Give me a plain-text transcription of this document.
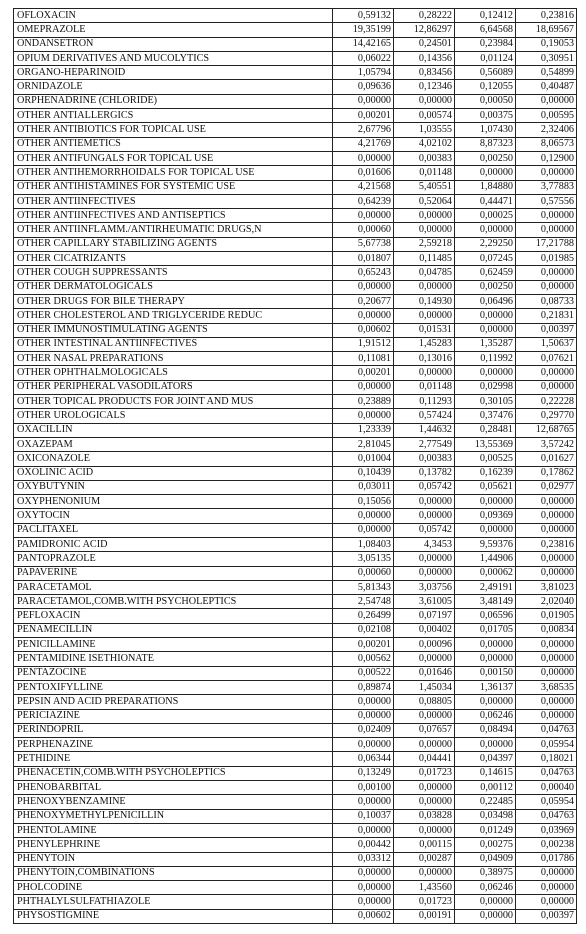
OFLOXACIN	0,59132	0,28222	0,12412	0,23816
OMEPRAZOLE	19,35199	12,86297	6,64568	18,69567
ONDANSETRON	14,42165	0,24501	0,23984	0,19053
OPIUM DERIVATIVES AND MUCOLYTICS	0,06022	0,14356	0,01124	0,30951
ORGANO-HEPARINOID	1,05794	0,83456	0,56089	0,54899
ORNIDAZOLE	0,09636	0,12346	0,12055	0,40487
ORPHENADRINE (CHLORIDE)	0,00000	0,00000	0,00050	0,00000
OTHER ANTIALLERGICS	0,00201	0,00574	0,00375	0,00595
OTHER ANTIBIOTICS FOR TOPICAL USE	2,67796	1,03555	1,07430	2,32406
OTHER ANTIEMETICS	4,21769	4,02102	8,87323	8,06573
OTHER ANTIFUNGALS FOR TOPICAL USE	0,00000	0,00383	0,00250	0,12900
OTHER ANTIHEMORRHOIDALS FOR TOPICAL USE	0,01606	0,01148	0,00000	0,00000
OTHER ANTIHISTAMINES FOR SYSTEMIC USE	4,21568	5,40551	1,84880	3,77883
OTHER ANTIINFECTIVES	0,64239	0,52064	0,44471	0,57556
OTHER ANTIINFECTIVES AND ANTISEPTICS	0,00000	0,00000	0,00025	0,00000
OTHER ANTIINFLAMM./ANTIRHEUMATIC DRUGS,N	0,00060	0,00000	0,00000	0,00000
OTHER CAPILLARY STABILIZING AGENTS	5,67738	2,59218	2,29250	17,21788
OTHER CICATRIZANTS	0,01807	0,11485	0,07245	0,01985
OTHER COUGH SUPPRESSANTS	0,65243	0,04785	0,62459	0,00000
OTHER DERMATOLOGICALS	0,00000	0,00000	0,00250	0,00000
OTHER DRUGS FOR BILE THERAPY	0,20677	0,14930	0,06496	0,08733
OTHER CHOLESTEROL AND TRIGLYCERIDE REDUC	0,00000	0,00000	0,00000	0,21831
OTHER IMMUNOSTIMULATING AGENTS	0,00602	0,01531	0,00000	0,00397
OTHER INTESTINAL ANTIINFECTIVES	1,91512	1,45283	1,35287	1,50637
OTHER NASAL PREPARATIONS	0,11081	0,13016	0,11992	0,07621
OTHER OPHTHALMOLOGICALS	0,00201	0,00000	0,00000	0,00000
OTHER PERIPHERAL VASODILATORS	0,00000	0,01148	0,02998	0,00000
OTHER TOPICAL PRODUCTS FOR JOINT AND MUS	0,23889	0,11293	0,30105	0,22228
OTHER UROLOGICALS	0,00000	0,57424	0,37476	0,29770
OXACILLIN	1,23339	1,44632	0,28481	12,68765
OXAZEPAM	2,81045	2,77549	13,55369	3,57242
OXICONAZOLE	0,01004	0,00383	0,00525	0,01627
OXOLINIC ACID	0,10439	0,13782	0,16239	0,17862
OXYBUTYNIN	0,03011	0,05742	0,05621	0,02977
OXYPHENONIUM	0,15056	0,00000	0,00000	0,00000
OXYTOCIN	0,00000	0,00000	0,09369	0,00000
PACLITAXEL	0,00000	0,05742	0,00000	0,00000
PAMIDRONIC ACID	1,08403	4,3453	9,59376	0,23816
PANTOPRAZOLE	3,05135	0,00000	1,44906	0,00000
PAPAVERINE	0,00060	0,00000	0,00062	0,00000
PARACETAMOL	5,81343	3,03756	2,49191	3,81023
PARACETAMOL,COMB.WITH PSYCHOLEPTICS	2,54748	3,61005	3,48149	2,02040
PEFLOXACIN	0,26499	0,07197	0,06596	0,01905
PENAMECILLIN	0,02108	0,00402	0,01705	0,00834
PENICILLAMINE	0,00201	0,00096	0,00000	0,00000
PENTAMIDINE ISETHIONATE	0,00562	0,00000	0,00000	0,00000
PENTAZOCINE	0,00522	0,01646	0,00150	0,00000
PENTOXIFYLLINE	0,89874	1,45034	1,36137	3,68535
PEPSIN AND ACID PREPARATIONS	0,00000	0,08805	0,00000	0,00000
PERICIAZINE	0,00000	0,00000	0,06246	0,00000
PERINDOPRIL	0,02409	0,07657	0,08494	0,04763
PERPHENAZINE	0,00000	0,00000	0,00000	0,05954
PETHIDINE	0,06344	0,04441	0,04397	0,18021
PHENACETIN,COMB.WITH PSYCHOLEPTICS	0,13249	0,01723	0,14615	0,04763
PHENOBARBITAL	0,00100	0,00000	0,00112	0,00040
PHENOXYBENZAMINE	0,00000	0,00000	0,22485	0,05954
PHENOXYMETHYLPENICILLIN	0,10037	0,03828	0,03498	0,04763
PHENTOLAMINE	0,00000	0,00000	0,01249	0,03969
PHENYLEPHRINE	0,00442	0,00115	0,00275	0,00238
PHENYTOIN	0,03312	0,00287	0,04909	0,01786
PHENYTOIN,COMBINATIONS	0,00000	0,00000	0,38975	0,00000
PHOLCODINE	0,00000	1,43560	0,06246	0,00000
PHTHALYLSULFATHIAZOLE	0,00000	0,01723	0,00000	0,00000
PHYSOSTIGMINE	0,00602	0,00191	0,00000	0,00397
